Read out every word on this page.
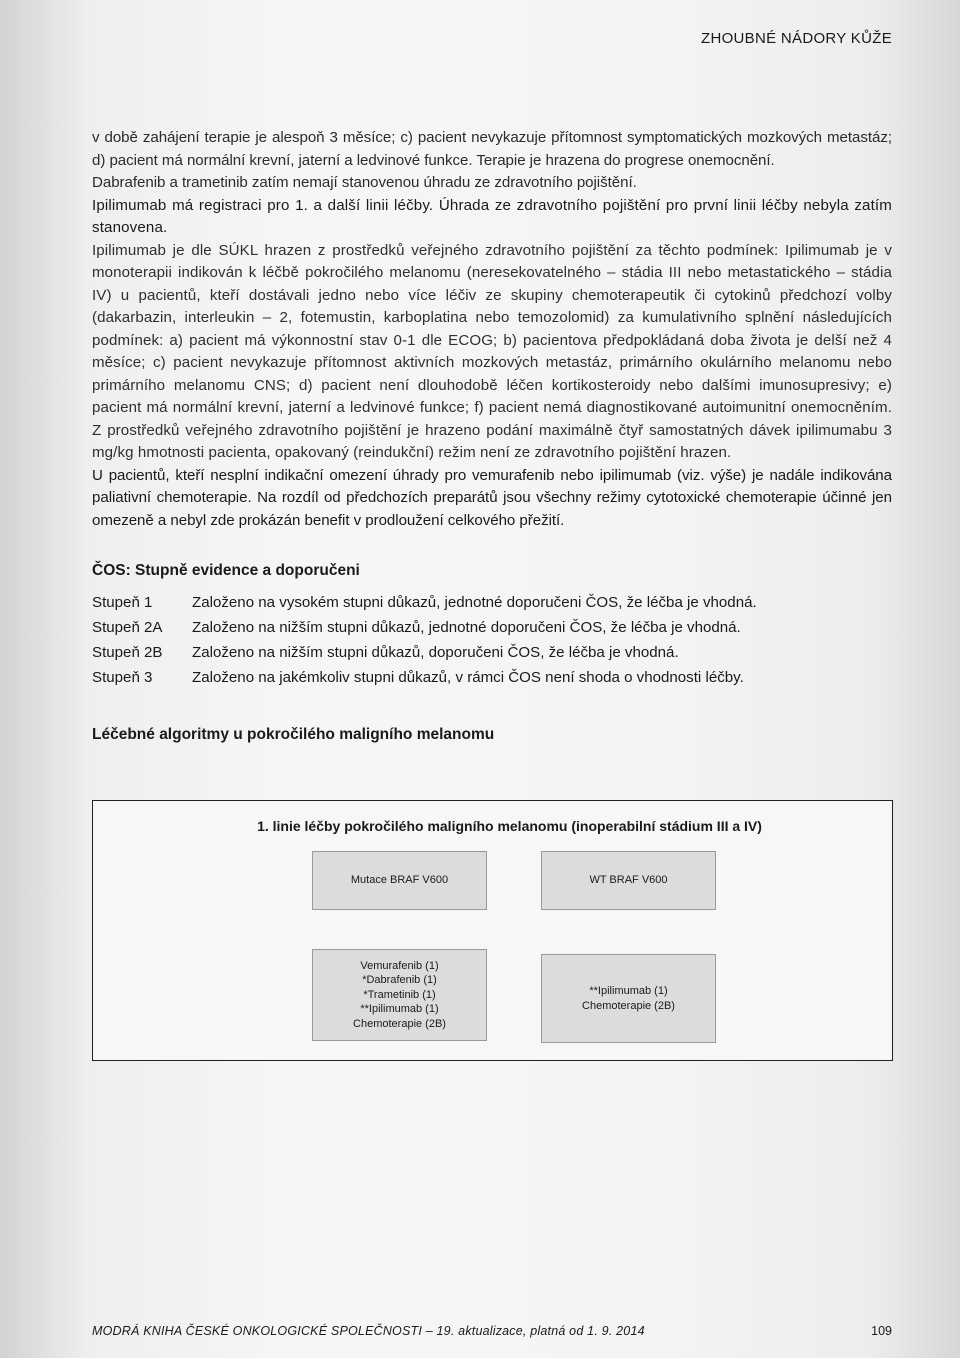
ZHOUBNÉ NÁDORY KŮŽE

v době zahájení terapie je alespoň 3 měsíce; c) pacient nevykazuje přítomnost symptomatických mozkových metastáz; d) pacient má normální krevní, jaterní a ledvinové funkce. Terapie je hrazena do progrese onemocnění.

Dabrafenib a trametinib zatím nemají stanovenou úhradu ze zdravotního pojištění.

Ipilimumab má registraci pro 1. a další linii léčby. Úhrada ze zdravotního pojištění pro první linii léčby nebyla zatím stanovena.

Ipilimumab je dle SÚKL hrazen z prostředků veřejného zdravotního pojištění za těchto podmínek: Ipilimumab je v monoterapii indikován k léčbě pokročilého melanomu (neresekovatelného – stádia III nebo metastatického – stádia IV) u pacientů, kteří dostávali jedno nebo více léčiv ze skupiny chemoterapeutik či cytokinů předchozí volby (dakarbazin, interleukin – 2, fotemustin, karboplatina nebo temozolomid) za kumulativního splnění následujících podmínek: a) pacient má výkonnostní stav 0-1 dle ECOG; b) pacientova předpokládaná doba života je delší než 4 měsíce; c) pacient nevykazuje přítomnost aktivních mozkových metastáz, primárního okulárního melanomu nebo primárního melanomu CNS; d) pacient není dlouhodobě léčen kortikosteroidy nebo dalšími imunosupresivy; e) pacient má normální krevní, jaterní a ledvinové funkce; f) pacient nemá diagnostikované autoimunitní onemocněním. Z prostředků veřejného zdravotního pojištění je hrazeno podání maximálně čtyř samostatných dávek ipilimumabu 3 mg/kg hmotnosti pacienta, opakovaný (reindukční) režim není ze zdravotního pojištění hrazen.

U pacientů, kteří nesplní indikační omezení úhrady pro vemurafenib nebo ipilimumab (viz. výše) je nadále indikována paliativní chemoterapie. Na rozdíl od předchozích preparátů jsou všechny režimy cytotoxické chemoterapie účinné jen omezeně a nebyl zde prokázán benefit v prodloužení celkového přežití.

ČOS: Stupně evidence a doporučeni
Stupeň 1	Založeno na vysokém stupni důkazů, jednotné doporučeni ČOS, že léčba je vhodná.
Stupeň 2A	Založeno na nižším stupni důkazů, jednotné doporučeni ČOS, že léčba je vhodná.
Stupeň 2B	Založeno na nižším stupni důkazů, doporučeni ČOS, že léčba je vhodná.
Stupeň 3	Založeno na jakémkoliv stupni důkazů, v rámci ČOS není shoda o vhodnosti léčby.
Léčebné algoritmy u pokročilého maligního melanomu
1. linie léčby pokročilého maligního melanomu (inoperabilní stádium III a IV)
Mutace BRAF V600	WT BRAF V600
Vemurafenib (1)
*Dabrafenib (1)
*Trametinib (1)
**Ipilimumab (1)
Chemoterapie (2B)
**Ipilimumab (1)
Chemoterapie (2B)
MODRÁ KNIHA ČESKÉ ONKOLOGICKÉ SPOLEČNOSTI – 19. aktualizace, platná od 1. 9. 2014	109
